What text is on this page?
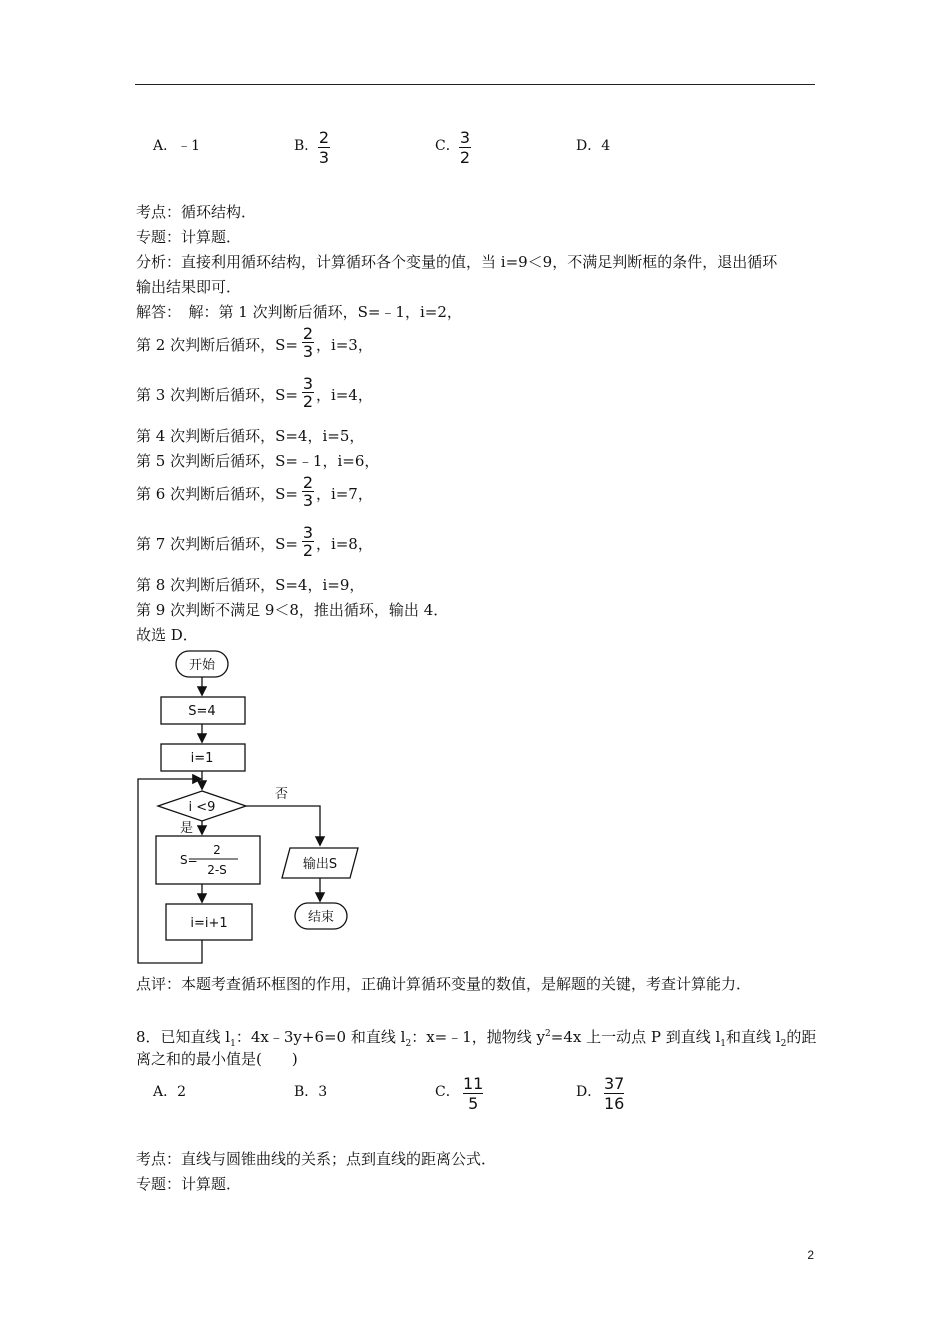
A．﹣1	B． 2
3
C． 3
2
D．4
考点：循环结构．
专题：计算题．
分析：直接利用循环结构，计算循环各个变量的值，当 i=9＜9，不满足判断框的条件，退出循环
输出结果即可．
解答：　解：第 1 次判断后循环，S=﹣1，i=2，
第 2 次判断后循环，S= ，i=3，
2
3
第 3 次判断后循环，S= ，i=4，
3
2
第 4 次判断后循环，S=4，i=5，
第 5 次判断后循环，S=﹣1，i=6，
第 6 次判断后循环，S= ，i=7，
2
3
第 7 次判断后循环，S= ，i=8，
3
2
第 8 次判断后循环，S=4，i=9，
第 9 次判断不满足 9＜8，推出循环，输出 4．
故选 D．
开始
S=4
i=1
i <9
否
是
S=
2
2-S
i=i+1
输出S
结束
点评：本题考查循环框图的作用，正确计算循环变量的数值，是解题的关键，考查计算能力．
8．已知直线 $l_1$：4x﹣3y+6=0 和直线 $l_2$：x=﹣1，抛物线 $y^2=4x$ 上一动点 P 到直线 $l_1$和直线 $l_2$的距
离之和的最小值是(　　)
A．2	B．3	C． 11
5
D． 37
16
考点：直线与圆锥曲线的关系；点到直线的距离公式．
专题：计算题．
2
